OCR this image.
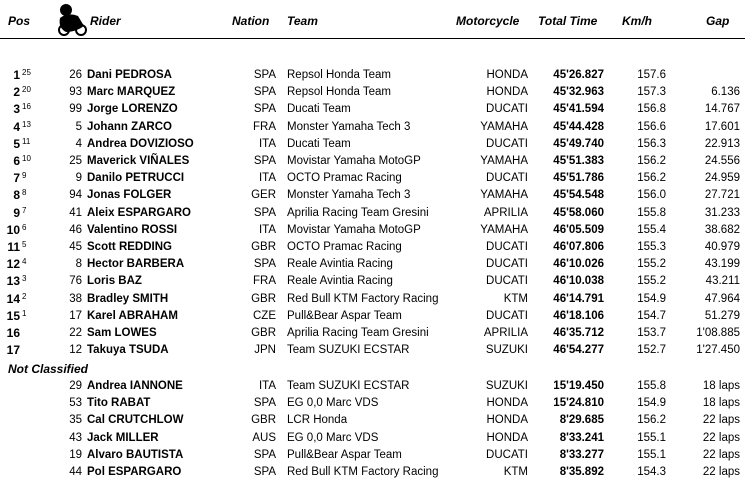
Pos	Rider	Nation Team	Motorcycle Total Time Km/h	Gap
1 25	26 Dani PEDROSA	SPA Repsol Honda Team	HONDA	45'26.827	157.6
2 20	93 Marc MARQUEZ	SPA Repsol Honda Team	HONDA	45'32.963	157.3	6.136
3 16	99 Jorge LORENZO	SPA Ducati Team	DUCATI	45'41.594	156.8	14.767
4 13	5 Johann ZARCO	FRA Monster Yamaha Tech 3	YAMAHA	45'44.428	156.6	17.601
5 11	4 Andrea DOVIZIOSO	ITA Ducati Team	DUCATI	45'49.740	156.3	22.913
6 10	25 Maverick VIÑALES	SPA Movistar Yamaha MotoGP	YAMAHA	45'51.383	156.2	24.556
7 9	9 Danilo PETRUCCI	ITA OCTO Pramac Racing	DUCATI	45'51.786	156.2	24.959
8 8	94 Jonas FOLGER	GER Monster Yamaha Tech 3	YAMAHA	45'54.548	156.0	27.721
9 7	41 Aleix ESPARGARO	SPA Aprilia Racing Team Gresini	APRILIA	45'58.060	155.8	31.233
10 6	46 Valentino ROSSI	ITA Movistar Yamaha MotoGP	YAMAHA	46'05.509	155.4	38.682
11 5	45 Scott REDDING	GBR OCTO Pramac Racing	DUCATI	46'07.806	155.3	40.979
12 4	8 Hector BARBERA	SPA Reale Avintia Racing	DUCATI	46'10.026	155.2	43.199
13 3	76 Loris BAZ	FRA Reale Avintia Racing	DUCATI	46'10.038	155.2	43.211
14 2	38 Bradley SMITH	GBR Red Bull KTM Factory Racing	KTM	46'14.791	154.9	47.964
15 1	17 Karel ABRAHAM	CZE Pull&Bear Aspar Team	DUCATI	46'18.106	154.7	51.279
16	22 Sam LOWES	GBR Aprilia Racing Team Gresini	APRILIA	46'35.712	153.7	1'08.885
17	12 Takuya TSUDA	JPN Team SUZUKI ECSTAR	SUZUKI	46'54.277	152.7	1'27.450
Not Classified
29 Andrea IANNONE	ITA Team SUZUKI ECSTAR	SUZUKI	15'19.450	155.8	18 laps
53 Tito RABAT	SPA EG 0,0 Marc VDS	HONDA	15'24.810	154.9	18 laps
35 Cal CRUTCHLOW	GBR LCR Honda	HONDA	8'29.685	156.2	22 laps
43 Jack MILLER	AUS EG 0,0 Marc VDS	HONDA	8'33.241	155.1	22 laps
19 Alvaro BAUTISTA	SPA Pull&Bear Aspar Team	DUCATI	8'33.277	155.1	22 laps
44 Pol ESPARGARO	SPA Red Bull KTM Factory Racing	KTM	8'35.892	154.3	22 laps
